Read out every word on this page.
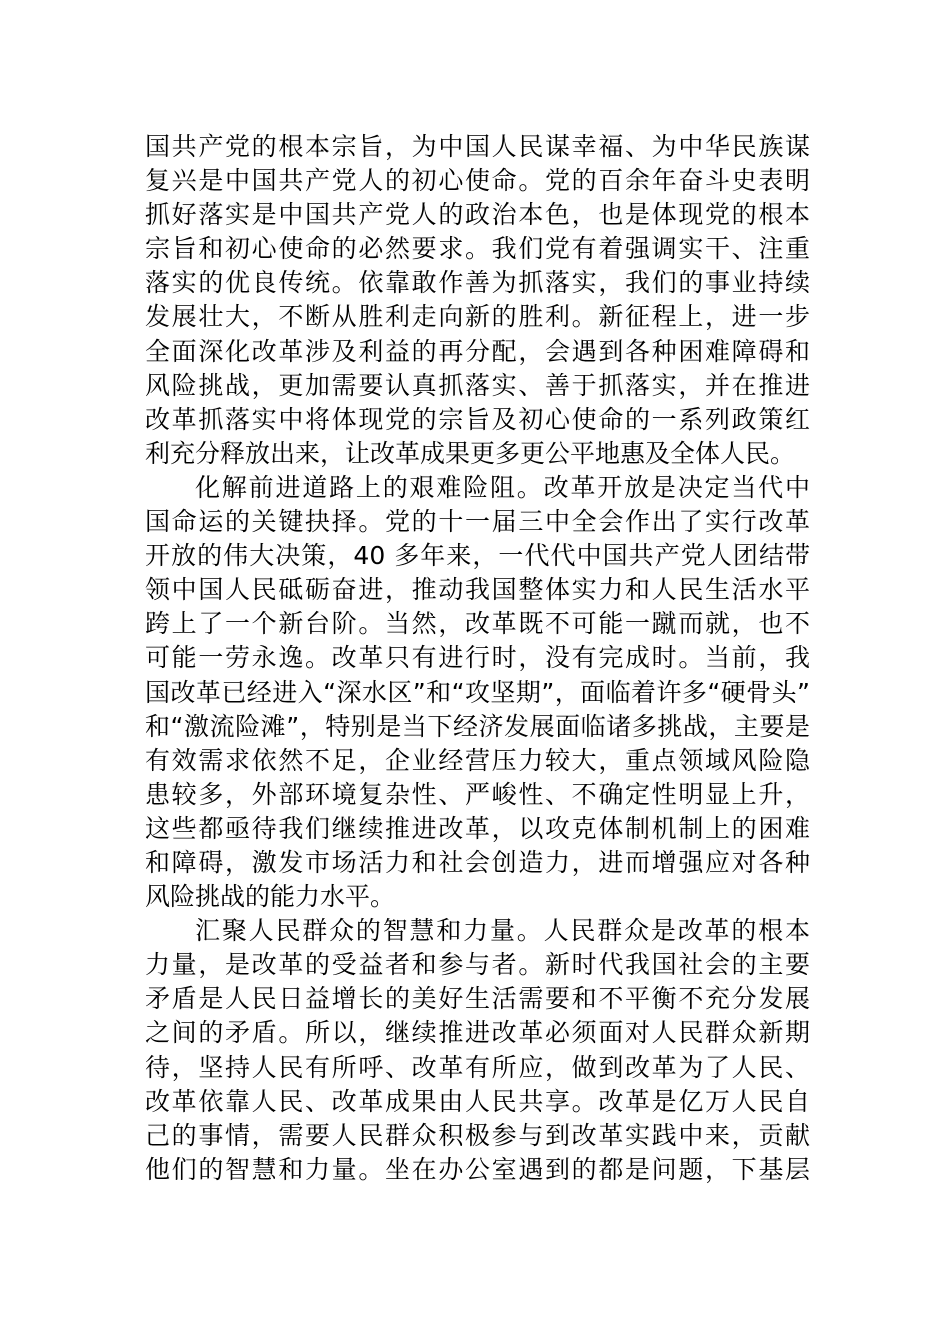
国共产党的根本宗旨，为中国人民谋幸福、为中华民族谋
复兴是中国共产党人的初心使命。党的百余年奋斗史表明
抓好落实是中国共产党人的政治本色，也是体现党的根本
宗旨和初心使命的必然要求。我们党有着强调实干、注重
落实的优良传统。依靠敢作善为抓落实，我们的事业持续
发展壮大，不断从胜利走向新的胜利。新征程上，进一步
全面深化改革涉及利益的再分配，会遇到各种困难障碍和
风险挑战，更加需要认真抓落实、善于抓落实，并在推进
改革抓落实中将体现党的宗旨及初心使命的一系列政策红
利充分释放出来，让改革成果更多更公平地惠及全体人民。
化解前进道路上的艰难险阻。改革开放是决定当代中
国命运的关键抉择。党的十一届三中全会作出了实行改革
开放的伟大决策，40 多年来，一代代中国共产党人团结带
领中国人民砥砺奋进，推动我国整体实力和人民生活水平
跨上了一个新台阶。当然，改革既不可能一蹴而就，也不
可能一劳永逸。改革只有进行时，没有完成时。当前，我
国改革已经进入“深水区”和“攻坚期”，面临着许多“硬骨头”
和“激流险滩”，特别是当下经济发展面临诸多挑战，主要是
有效需求依然不足，企业经营压力较大，重点领域风险隐
患较多，外部环境复杂性、严峻性、不确定性明显上升，
这些都亟待我们继续推进改革，以攻克体制机制上的困难
和障碍，激发市场活力和社会创造力，进而增强应对各种
风险挑战的能力水平。
汇聚人民群众的智慧和力量。人民群众是改革的根本
力量，是改革的受益者和参与者。新时代我国社会的主要
矛盾是人民日益增长的美好生活需要和不平衡不充分发展
之间的矛盾。所以，继续推进改革必须面对人民群众新期
待，坚持人民有所呼、改革有所应，做到改革为了人民、
改革依靠人民、改革成果由人民共享。改革是亿万人民自
己的事情，需要人民群众积极参与到改革实践中来，贡献
他们的智慧和力量。坐在办公室遇到的都是问题，下基层
